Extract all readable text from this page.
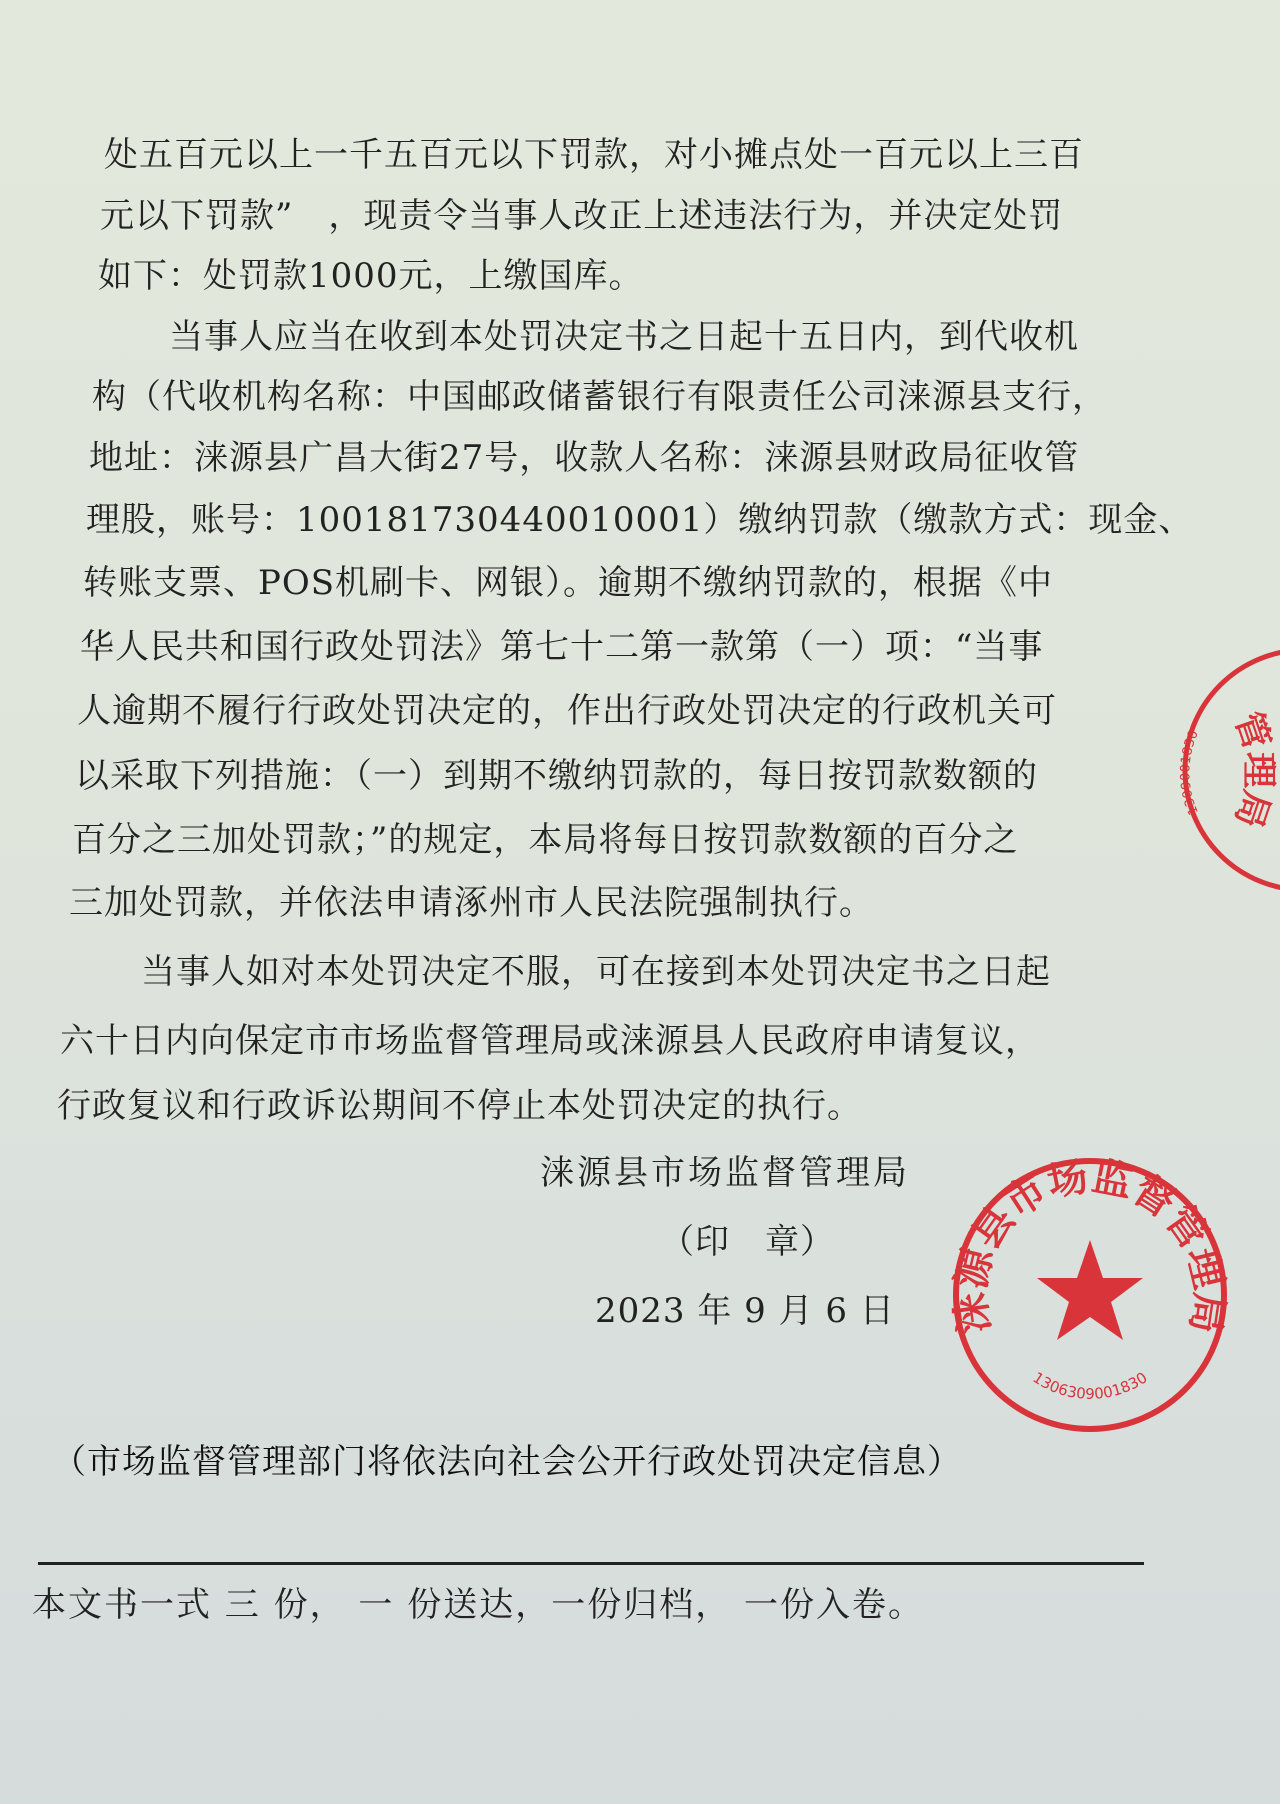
处五百元以上一千五百元以下罚款，对小摊点处一百元以上三百
元以下罚款”　，现责令当事人改正上述违法行为，并决定处罚
如下：处罚款1000元，上缴国库。
当事人应当在收到本处罚决定书之日起十五日内，到代收机
构（代收机构名称：中国邮政储蓄银行有限责任公司涞源县支行，
地址：涞源县广昌大街27号，收款人名称：涞源县财政局征收管
理股，账号：100181730440010001）缴纳罚款（缴款方式：现金、
转账支票、POS机刷卡、网银）。逾期不缴纳罚款的，根据《中
华人民共和国行政处罚法》第七十二第一款第（一）项：“当事
人逾期不履行行政处罚决定的，作出行政处罚决定的行政机关可
以采取下列措施：（一）到期不缴纳罚款的，每日按罚款数额的
百分之三加处罚款；”的规定，本局将每日按罚款数额的百分之
三加处罚款，并依法申请涿州市人民法院强制执行。
当事人如对本处罚决定不服，可在接到本处罚决定书之日起
六十日内向保定市市场监督管理局或涞源县人民政府申请复议，
行政复议和行政诉讼期间不停止本处罚决定的执行。
涞源县市场监督管理局
（印　章）
2023 年 9 月 6 日 涞源县市场监督管理局
1306309001830
管理局
1309001830
（市场监督管理部门将依法向社会公开行政处罚决定信息）
本文书一式 三 份， 一 份送达，一份归档， 一份入卷。
